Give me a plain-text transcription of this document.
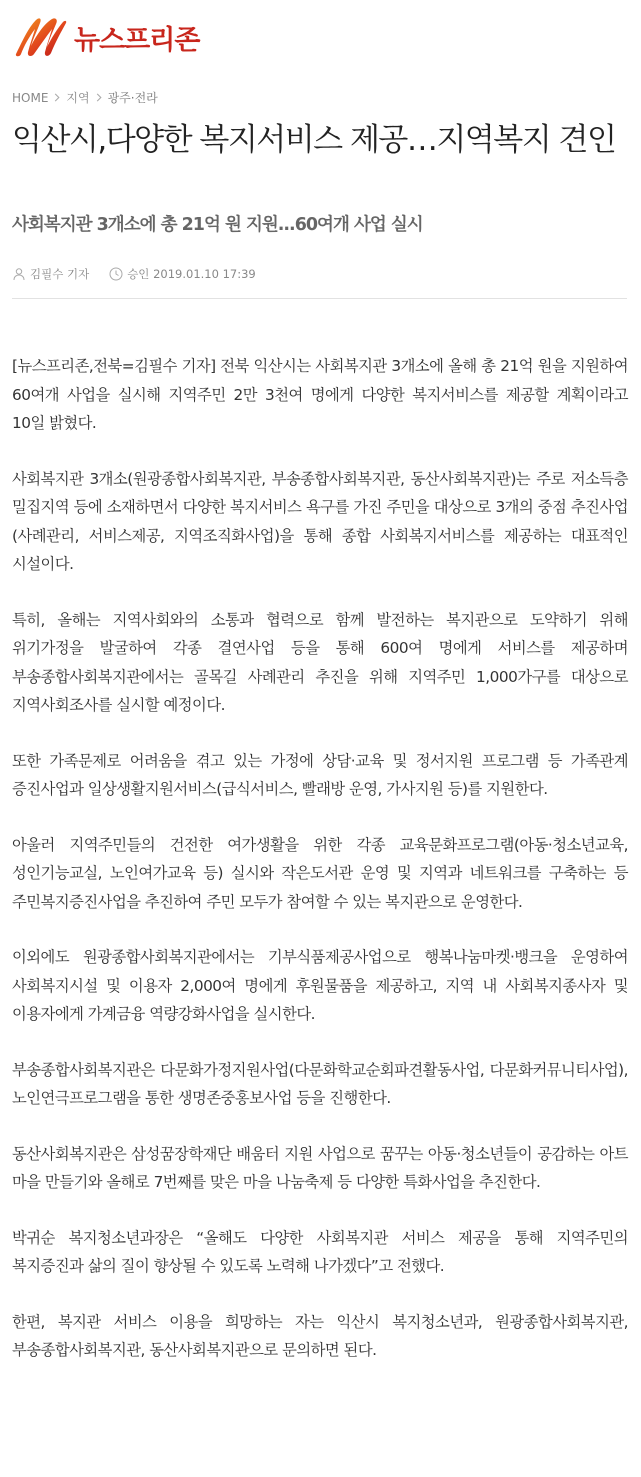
뉴스프리존
HOME 지역 광주·전라
익산시,다양한 복지서비스 제공…지역복지 견인
사회복지관 3개소에 총 21억 원 지원...60여개 사업 실시
김필수 기자	승인 2019.01.10 17:39

[뉴스프리존,전북=김필수 기자] 전북 익산시는 사회복지관 3개소에 올해 총 21억 원을 지원하여 60여개 사업을 실시해 지역주민 2만 3천여 명에게 다양한 복지서비스를 제공할 계획이라고 10일 밝혔다.

사회복지관 3개소(원광종합사회복지관, 부송종합사회복지관, 동산사회복지관)는 주로 저소득층 밀집지역 등에 소재하면서 다양한 복지서비스 욕구를 가진 주민을 대상으로 3개의 중점 추진사업(사례관리, 서비스제공, 지역조직화사업)을 통해 종합 사회복지서비스를 제공하는 대표적인 시설이다.

특히, 올해는 지역사회와의 소통과 협력으로 함께 발전하는 복지관으로 도약하기 위해 위기가정을 발굴하여 각종 결연사업 등을 통해 600여 명에게 서비스를 제공하며 부송종합사회복지관에서는 골목길 사례관리 추진을 위해 지역주민 1,000가구를 대상으로 지역사회조사를 실시할 예정이다.

또한 가족문제로 어려움을 겪고 있는 가정에 상담·교육 및 정서지원 프로그램 등 가족관계 증진사업과 일상생활지원서비스(급식서비스, 빨래방 운영, 가사지원 등)를 지원한다.

아울러 지역주민들의 건전한 여가생활을 위한 각종 교육문화프로그램(아동·청소년교육, 성인기능교실, 노인여가교육 등) 실시와 작은도서관 운영 및 지역과 네트워크를 구축하는 등 주민복지증진사업을 추진하여 주민 모두가 참여할 수 있는 복지관으로 운영한다.

이외에도 원광종합사회복지관에서는 기부식품제공사업으로 행복나눔마켓·뱅크을 운영하여 사회복지시설 및 이용자 2,000여 명에게 후원물품을 제공하고, 지역 내 사회복지종사자 및 이용자에게 가계금융 역량강화사업을 실시한다.

부송종합사회복지관은 다문화가정지원사업(다문화학교순회파견활동사업, 다문화커뮤니티사업), 노인연극프로그램을 통한 생명존중홍보사업 등을 진행한다.

동산사회복지관은 삼성꿈장학재단 배움터 지원 사업으로 꿈꾸는 아동·청소년들이 공감하는 아트 마을 만들기와 올해로 7번째를 맞은 마을 나눔축제 등 다양한 특화사업을 추진한다.

박귀순 복지청소년과장은 “올해도 다양한 사회복지관 서비스 제공을 통해 지역주민의 복지증진과 삶의 질이 향상될 수 있도록 노력해 나가겠다”고 전했다.

한편, 복지관 서비스 이용을 희망하는 자는 익산시 복지청소년과, 원광종합사회복지관, 부송종합사회복지관, 동산사회복지관으로 문의하면 된다.
